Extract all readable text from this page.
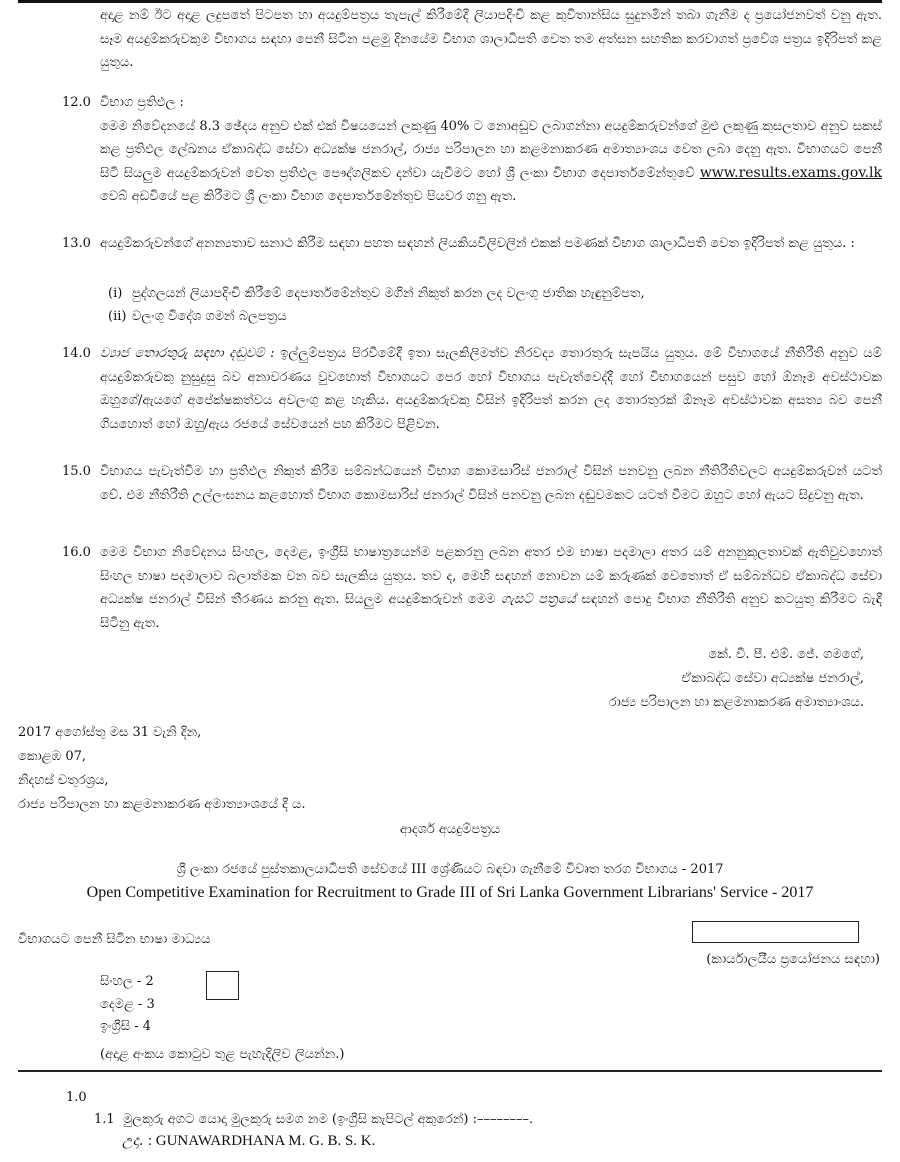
අදාළ නම් ඊට අදාළ ලදුපතේ පිටපත හා අයදුම්පත්‍රය තැපැල් කිරීමේදී ලියාපදිංචි කළ කුවිතාන්සිය සුදුනමින් තබා ගැනීම ද ප්‍රයෝජනවත් වනු ඇත. සෑම අයදුම්කරුවකුම විභාගය සඳහා පෙනී සිටින පළමු දිනයේම විභාග ශාලාධිපති වෙත තම අත්සන සහතික කරවාගත් ප්‍රවේශ පත්‍රය ඉදිරිපත් කළ යුතුය.

12.0 විභාග ප්‍රතිඵල :
මෙම නිවේදනයේ 8.3 ඡේදය අනුව එක් එක් විෂයයෙන් ලකුණු 40% ට නොඅඩුව ලබාගන්නා අයදුම්කරුවන්ගේ මුළු ලකුණු කුසලතාව අනුව සකස් කළ ප්‍රතිඵල ලේඛනය ඒකාබද්ධ සේවා අධ්‍යක්ෂ ජනරාල්, රාජ්‍ය පරිපාලන හා කළමනාකරණ අමාත්‍යාංශය වෙත ලබා දෙනු ඇත. විභාගයට පෙනී සිටි සියලුම අයදුම්කරුවන් වෙත ප්‍රතිඵල පෞද්ගලිකව දන්වා යැවීමට හෝ ශ්‍රී ලංකා විභාග දෙපාර්තමේන්තුවේ www.results.exams.gov.lk වෙබ් අඩවියේ පළ කිරීමට ශ්‍රී ලංකා විභාග දෙපාර්තමේන්තුව පියවර ගනු ඇත.
13.0 අයදුම්කරුවන්ගේ අනන්‍යතාව සනාථ කිරීම සඳහා පහත සඳහන් ලියකියවිලිවලින් එකක් පමණක් විභාග ශාලාධිපති වෙත ඉදිරිපත් කළ යුතුය. :
(i) පුද්ගලයන් ලියාපදිංචි කිරීමේ දෙපාර්තමේන්තුව මගින් නිකුත් කරන ලද වලංගු ජාතික හැඳුනුම්පත,
(ii) වලංගු විදේශ ගමන් බලපත්‍රය
14.0 ව්‍යාජ තොරතුරු සඳහා දඬුවම් : ඉල්ලුම්පත්‍රය පිරවීමේදී ඉතා සැලකිලිමත්ව නිරවද්‍ය තොරතුරු සැපයිය යුතුය. මේ විභාගයේ නීතිරීති අනුව යම් අයදුම්කරුවකු නුසුදුසු බව අනාවරණය වුවහොත් විභාගයට පෙර හෝ විභාගය පැවැත්වෙද්දී හෝ විභාගයෙන් පසුව හෝ ඕනෑම අවස්ථාවක ඔහුගේ/ඇයගේ අපේක්ෂකත්වය අවලංගු කළ හැකිය. අයදුම්කරුවකු විසින් ඉදිරිපත් කරන ලද තොරතුරක් ඕනෑම අවස්ථාවක අසත්‍ය බව පෙනී ගියහොත් හෝ ඔහු/ඇය රජයේ සේවයෙන් පහ කිරීමට පිළිවන.
15.0 විභාගය පැවැත්වීම හා ප්‍රතිඵල නිකුත් කිරීම සම්බන්ධයෙන් විභාග කොමසාරිස් ජනරාල් විසින් පනවනු ලබන නීතිරීතිවලට අයදුම්කරුවන් යටත් වේ. එම නීතිරීති උල්ලංඝනය කළහොත් විභාග කොමසාරිස් ජනරාල් විසින් පනවනු ලබන දඬුවමකට යටත් වීමට ඔහුට හෝ ඇයට සිදුවනු ඇත.
16.0 මෙම විභාග නිවේදනය සිංහල, දෙමළ, ඉංග්‍රීසි භාෂාත්‍රයෙන්ම පළකරනු ලබන අතර එම භාෂා පදමාලා අතර යම් අනනුකූලතාවක් ඇතිවුවහොත් සිංහල භාෂා පදමාලාව බලාත්මක වන බව සැලකිය යුතුය. තව ද, මෙහි සඳහන් නොවන යම් කරුණක් වෙතොත් ඒ සම්බන්ධව ඒකාබද්ධ සේවා අධ්‍යක්ෂ ජනරාල් විසින් තීරණය කරනු ඇත. සියලුම අයදුම්කරුවන් මෙම ගැසට් පත්‍රයේ සඳහන් පොදු විභාග නීතිරීති අනුව කටයුතු කිරීමට බැඳී සිටිනු ඇත.
කේ. වී. පී. එම්. ජේ. ගමගේ,
ඒකාබද්ධ සේවා අධ්‍යක්ෂ ජනරාල්,
රාජ්‍ය පරිපාලන හා කළමනාකරණ අමාත්‍යාංශය.
2017 අගෝස්තු මස 31 වැනි දින,
කොළඹ 07,
නිදහස් චතුරශ්‍රය,
රාජ්‍ය පරිපාලන හා කළමනාකරණ අමාත්‍යාංශයේ දී ය.
ආදර්ශ අයදුම්පත්‍රය
ශ්‍රී ලංකා රජයේ පුස්තකාලයාධිපති සේවයේ III ශ්‍රේණියට බඳවා ගැනීමේ විවෘත තරග විභාගය - 2017
Open Competitive Examination for Recruitment to Grade III of Sri Lanka Government Librarians' Service - 2017
විභාගයට පෙනී සිටින භාෂා මාධ්‍යය
(කාර්යාලයීය ප්‍රයෝජනය සඳහා)
සිංහල - 2
දෙමළ - 3
ඉංග්‍රීසි - 4
(අදාළ අංකය කොටුව තුළ පැහැදිලිව ලියන්න.)
1.0
1.1 මුලකුරු අගට යොදා මුලකුරු සමග නම (ඉංග්‍රීසි කැපිටල් අකුරෙන්) :––––––––.
උදා. : GUNAWARDHANA M. G. B. S. K.
